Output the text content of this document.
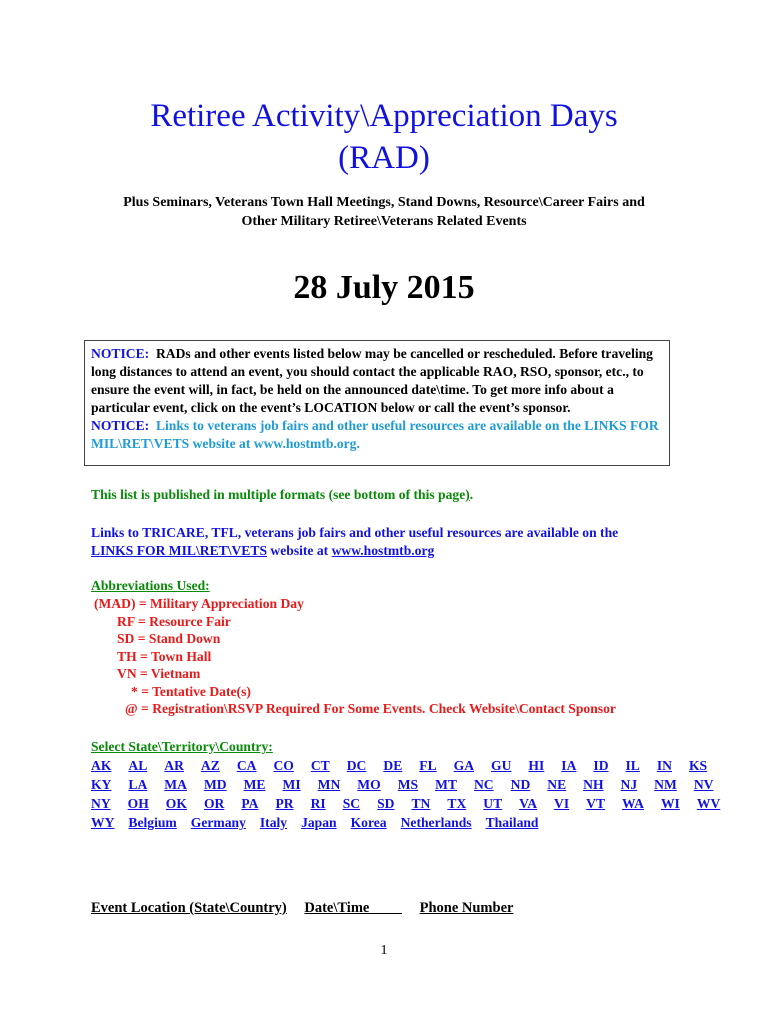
Retiree Activity\Appreciation Days
(RAD)
Plus Seminars, Veterans Town Hall Meetings, Stand Downs, Resource\Career Fairs and
Other Military Retiree\Veterans Related Events
28 July 2015
NOTICE: RADs and other events listed below may be cancelled or rescheduled. Before traveling long distances to attend an event, you should contact the applicable RAO, RSO, sponsor, etc., to ensure the event will, in fact, be held on the announced date\time. To get more info about a particular event, click on the event’s LOCATION below or call the event’s sponsor.
NOTICE: Links to veterans job fairs and other useful resources are available on the LINKS FOR MIL\RET\VETS website at www.hostmtb.org.
This list is published in multiple formats (see bottom of this page).
Links to TRICARE, TFL, veterans job fairs and other useful resources are available on the
LINKS FOR MIL\RET\VETS website at www.hostmtb.org
Abbreviations Used:
(MAD) = Military Appreciation Day
RF = Resource Fair
SD = Stand Down
TH = Town Hall
VN = Vietnam
* = Tentative Date(s)
@ = Registration\RSVP Required For Some Events. Check Website\Contact Sponsor
Select State\Territory\Country:
AK AL AR AZ CA CO CT DC DE FL GA GU HI IA ID IL IN KS
KY LA MA MD ME MI MN MO MS MT NC ND NE NH NJ NM NV
NY OH OK OR PA PR RI SC SD TN TX UT VA VI VT WA WI WV
WY Belgium Germany Italy Japan Korea Netherlands Thailand
Event Location (State\Country) Date\Time	Phone Number
1
